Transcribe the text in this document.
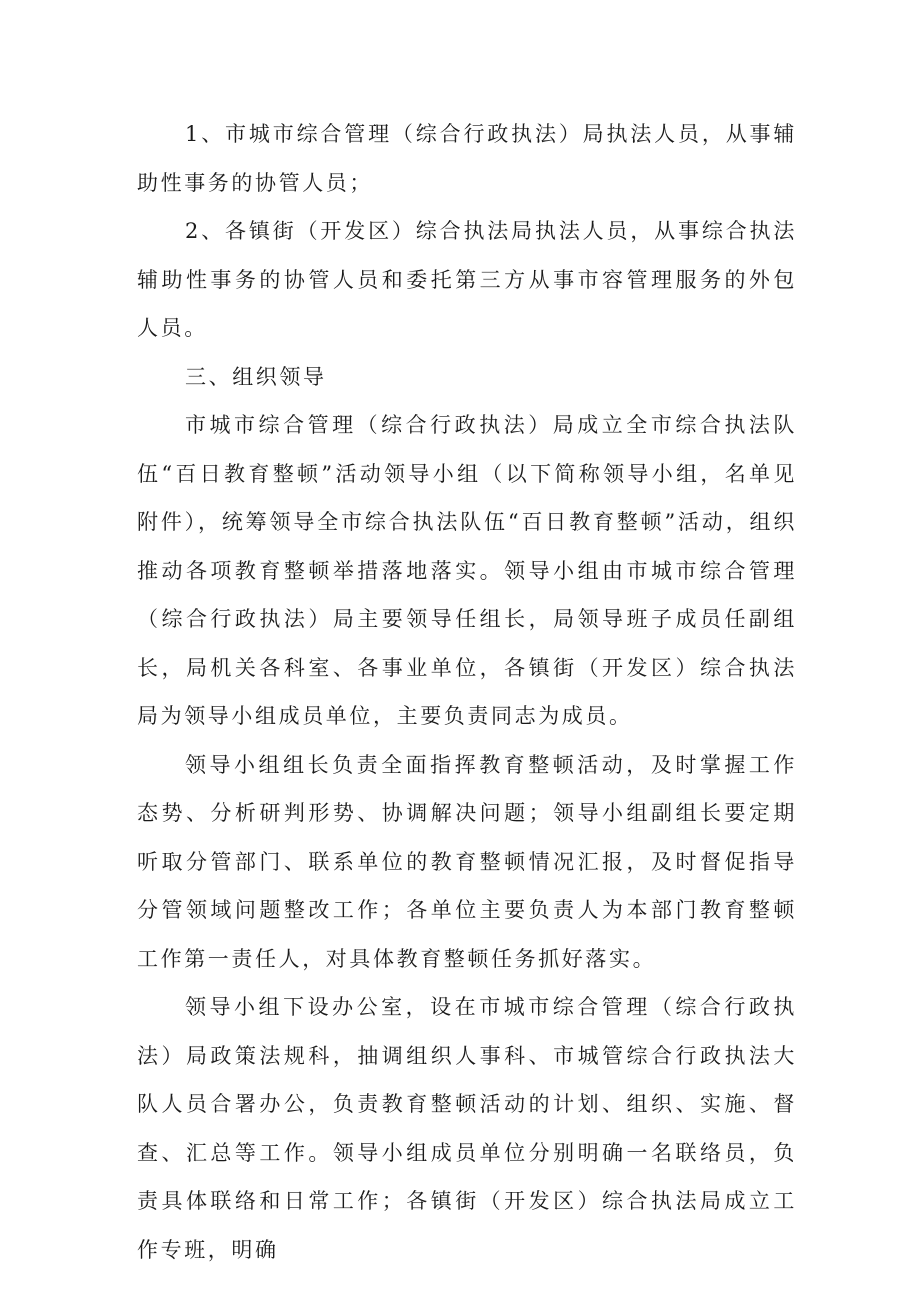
1、市城市综合管理（综合行政执法）局执法人员，从事辅助性事务的协管人员；

2、各镇街（开发区）综合执法局执法人员，从事综合执法辅助性事务的协管人员和委托第三方从事市容管理服务的外包人员。

三、组织领导

市城市综合管理（综合行政执法）局成立全市综合执法队伍“百日教育整顿”活动领导小组（以下简称领导小组，名单见附件），统筹领导全市综合执法队伍“百日教育整顿”活动，组织推动各项教育整顿举措落地落实。领导小组由市城市综合管理（综合行政执法）局主要领导任组长，局领导班子成员任副组长，局机关各科室、各事业单位，各镇街（开发区）综合执法局为领导小组成员单位，主要负责同志为成员。

领导小组组长负责全面指挥教育整顿活动，及时掌握工作态势、分析研判形势、协调解决问题；领导小组副组长要定期听取分管部门、联系单位的教育整顿情况汇报，及时督促指导分管领域问题整改工作；各单位主要负责人为本部门教育整顿工作第一责任人，对具体教育整顿任务抓好落实。

领导小组下设办公室，设在市城市综合管理（综合行政执法）局政策法规科，抽调组织人事科、市城管综合行政执法大队人员合署办公，负责教育整顿活动的计划、组织、实施、督查、汇总等工作。领导小组成员单位分别明确一名联络员，负责具体联络和日常工作；各镇街（开发区）综合执法局成立工作专班，明确
